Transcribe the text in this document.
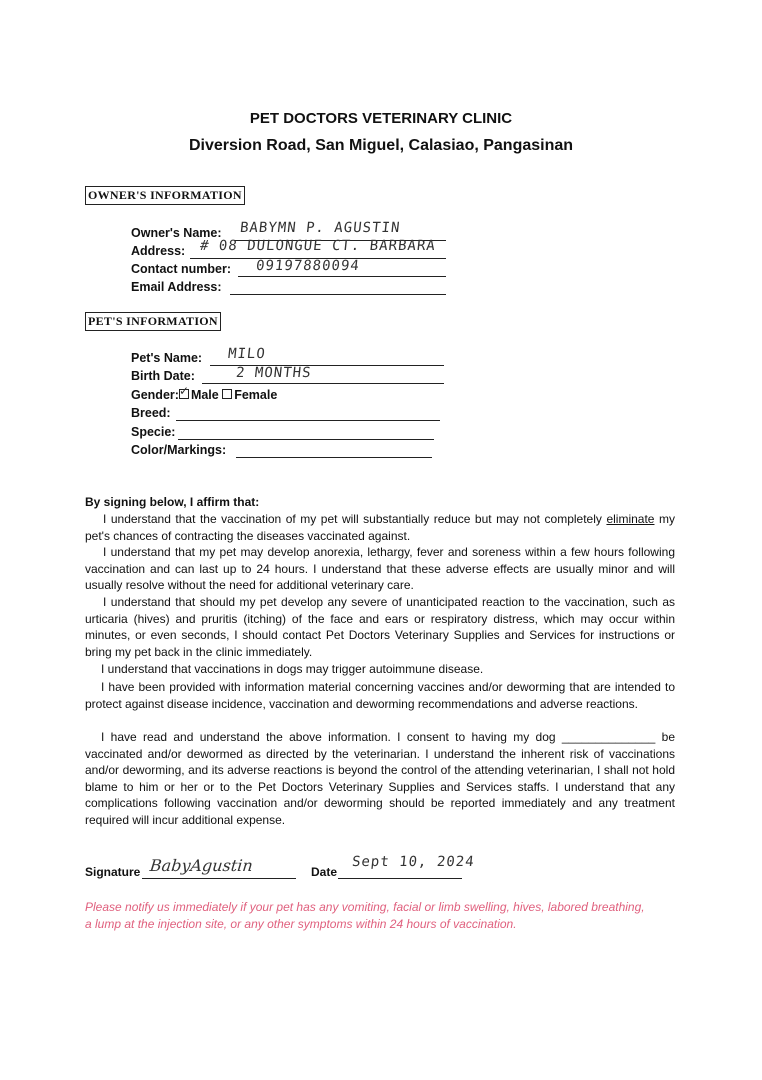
PET DOCTORS VETERINARY CLINIC
Diversion Road, San Miguel, Calasiao, Pangasinan
OWNER'S INFORMATION
Owner's Name: BABYMN P. AGUSTIN
Address: # 08 DULONGUE CT. BARBARA
Contact number: 09197880094
Email Address:
PET'S INFORMATION
Pet's Name: MILO
Birth Date:	2 MONTHS
Gender: ✓ Male Female
Breed:
Specie:
Color/Markings:
By signing below, I affirm that:
I understand that the vaccination of my pet will substantially reduce but may not completely eliminate my pet's chances of contracting the diseases vaccinated against.
I understand that my pet may develop anorexia, lethargy, fever and soreness within a few hours following vaccination and can last up to 24 hours. I understand that these adverse effects are usually minor and will usually resolve without the need for additional veterinary care.
I understand that should my pet develop any severe of unanticipated reaction to the vaccination, such as urticaria (hives) and pruritis (itching) of the face and ears or respiratory distress, which may occur within minutes, or even seconds, I should contact Pet Doctors Veterinary Supplies and Services for instructions or bring my pet back in the clinic immediately.
I understand that vaccinations in dogs may trigger autoimmune disease.
I have been provided with information material concerning vaccines and/or deworming that are intended to protect against disease incidence, vaccination and deworming recommendations and adverse reactions.
I have read and understand the above information. I consent to having my dog ______________ be vaccinated and/or dewormed as directed by the veterinarian. I understand the inherent risk of vaccinations and/or deworming, and its adverse reactions is beyond the control of the attending veterinarian, I shall not hold blame to him or her or to the Pet Doctors Veterinary Supplies and Services staffs. I understand that any complications following vaccination and/or deworming should be reported immediately and any treatment required will incur additional expense.
Signature BabyAgustin	Date
Sept 10, 2024
Please notify us immediately if your pet has any vomiting, facial or limb swelling, hives, labored breathing, a lump at the injection site, or any other symptoms within 24 hours of vaccination.
